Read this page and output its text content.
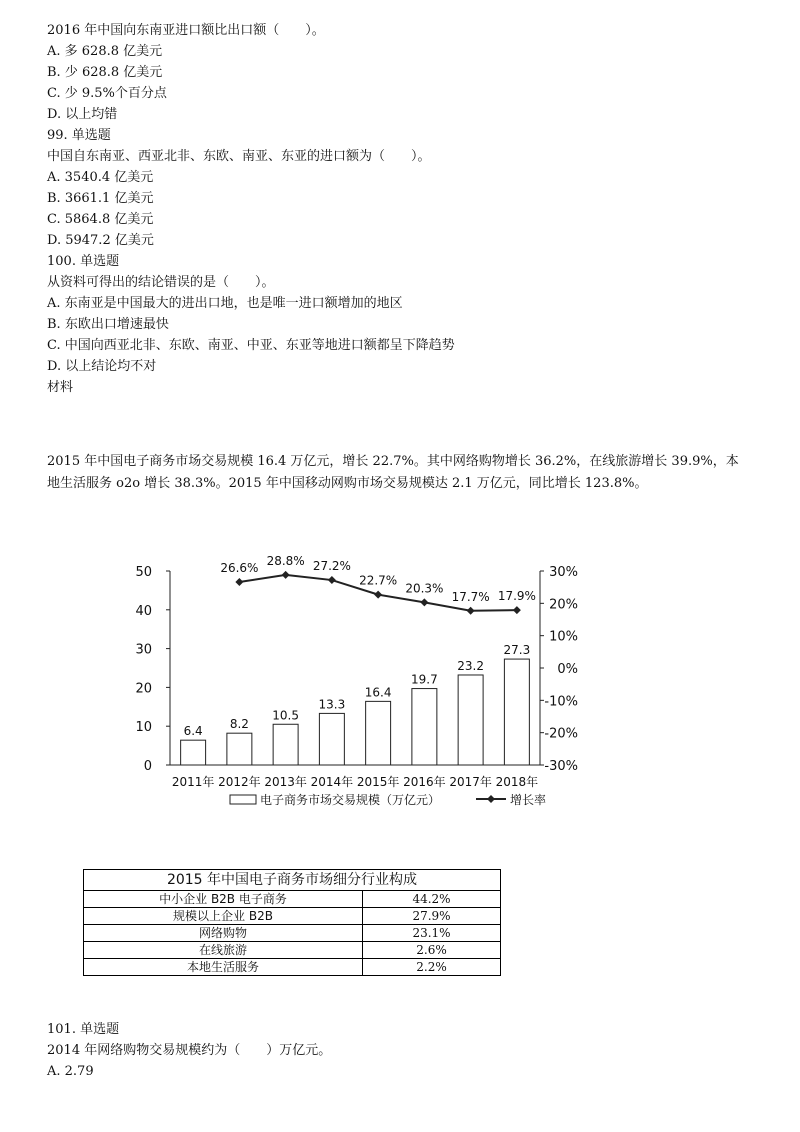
2016 年中国向东南亚进口额比出口额（　　）。
A. 多 628.8 亿美元
B. 少 628.8 亿美元
C. 少 9.5%个百分点
D. 以上均错
99. 单选题
中国自东南亚、西亚北非、东欧、南亚、东亚的进口额为（　　）。
A. 3540.4 亿美元
B. 3661.1 亿美元
C. 5864.8 亿美元
D. 5947.2 亿美元
100. 单选题
从资料可得出的结论错误的是（　　）。
A. 东南亚是中国最大的进出口地，也是唯一进口额增加的地区
B. 东欧出口增速最快
C. 中国向西亚北非、东欧、南亚、中亚、东亚等地进口额都呈下降趋势
D. 以上结论均不对
材料
2015 年中国电子商务市场交易规模 16.4 万亿元，增长 22.7%。其中网络购物增长 36.2%，在线旅游增长 39.9%，本
地生活服务 o2o 增长 38.3%。2015 年中国移动网购市场交易规模达 2.1 万亿元，同比增长 123.8%。
0
10
20
30
40
50
-30%
-20%
-10%
0%
10%
20%
30%
6.4
2011年
8.2
2012年
10.5
2013年
13.3
2014年
16.4
2015年
19.7
2016年
23.2
2017年
27.3
2018年
26.6%
28.8% 27.2%
22.7%
20.3%
17.7% 17.9%
电子商务市场交易规模（万亿元）	增长率
2015 年中国电子商务市场细分行业构成	
中小企业 B2B 电子商务	44.2%
规模以上企业 B2B	27.9%
网络购物	23.1%
在线旅游	2.6%
本地生活服务	2.2%
101. 单选题
2014 年网络购物交易规模约为（　　）万亿元。
A. 2.79
